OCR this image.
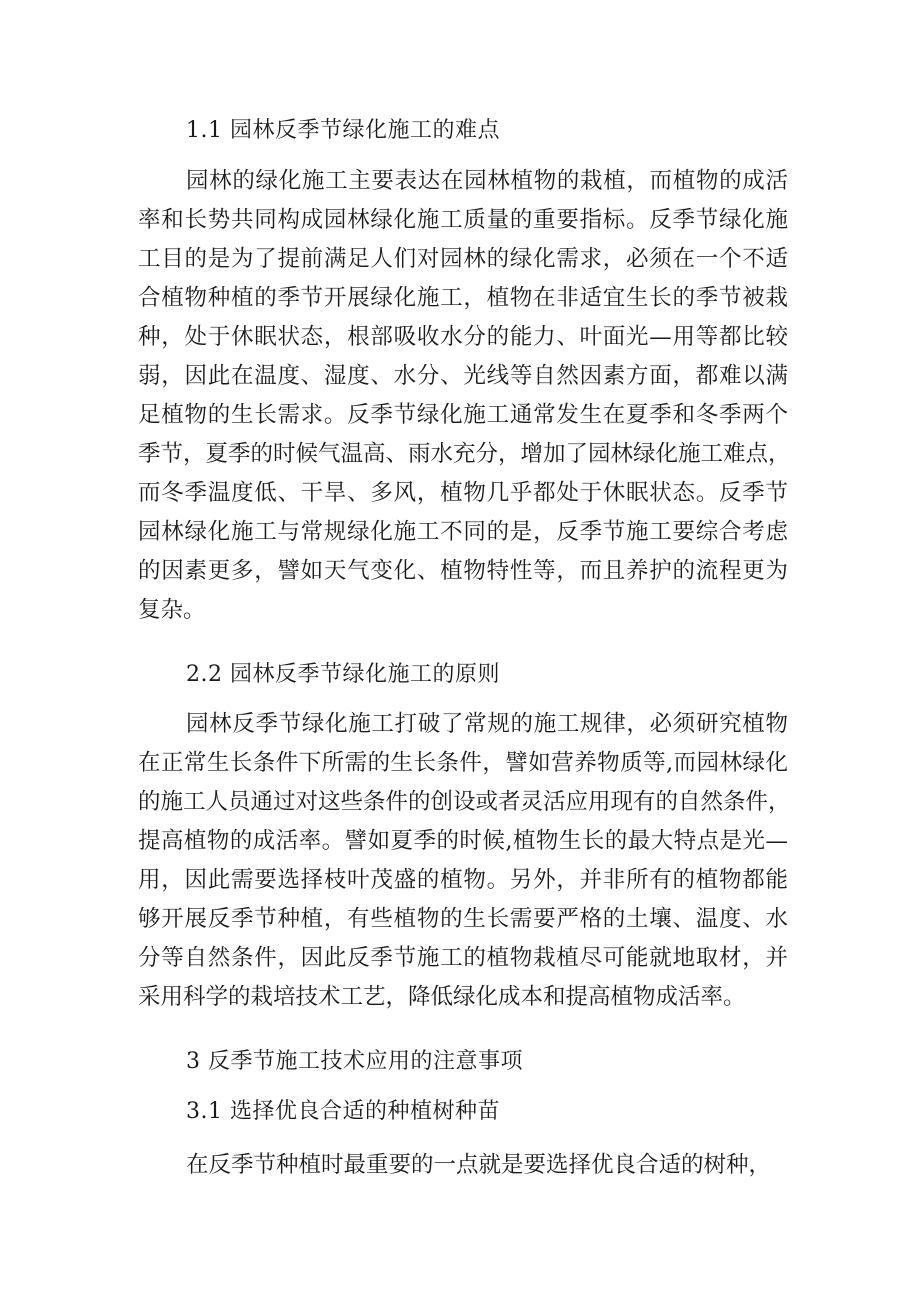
1.1 园林反季节绿化施工的难点
园林的绿化施工主要表达在园林植物的栽植，而植物的成活
率和长势共同构成园林绿化施工质量的重要指标。反季节绿化施
工目的是为了提前满足人们对园林的绿化需求，必须在一个不适
合植物种植的季节开展绿化施工，植物在非适宜生长的季节被栽
种，处于休眠状态，根部吸收水分的能力、叶面光—用等都比较
弱，因此在温度、湿度、水分、光线等自然因素方面，都难以满
足植物的生长需求。反季节绿化施工通常发生在夏季和冬季两个
季节，夏季的时候气温高、雨水充分，增加了园林绿化施工难点，
而冬季温度低、干旱、多风，植物几乎都处于休眠状态。反季节
园林绿化施工与常规绿化施工不同的是，反季节施工要综合考虑
的因素更多，譬如天气变化、植物特性等，而且养护的流程更为
复杂。
2.2 园林反季节绿化施工的原则
园林反季节绿化施工打破了常规的施工规律，必须研究植物
在正常生长条件下所需的生长条件，譬如营养物质等,而园林绿化
的施工人员通过对这些条件的创设或者灵活应用现有的自然条件，
提高植物的成活率。譬如夏季的时候,植物生长的最大特点是光—
用，因此需要选择枝叶茂盛的植物。另外，并非所有的植物都能
够开展反季节种植，有些植物的生长需要严格的土壤、温度、水
分等自然条件，因此反季节施工的植物栽植尽可能就地取材，并
采用科学的栽培技术工艺，降低绿化成本和提高植物成活率。
3 反季节施工技术应用的注意事项
3.1 选择优良合适的种植树种苗
在反季节种植时最重要的一点就是要选择优良合适的树种，
